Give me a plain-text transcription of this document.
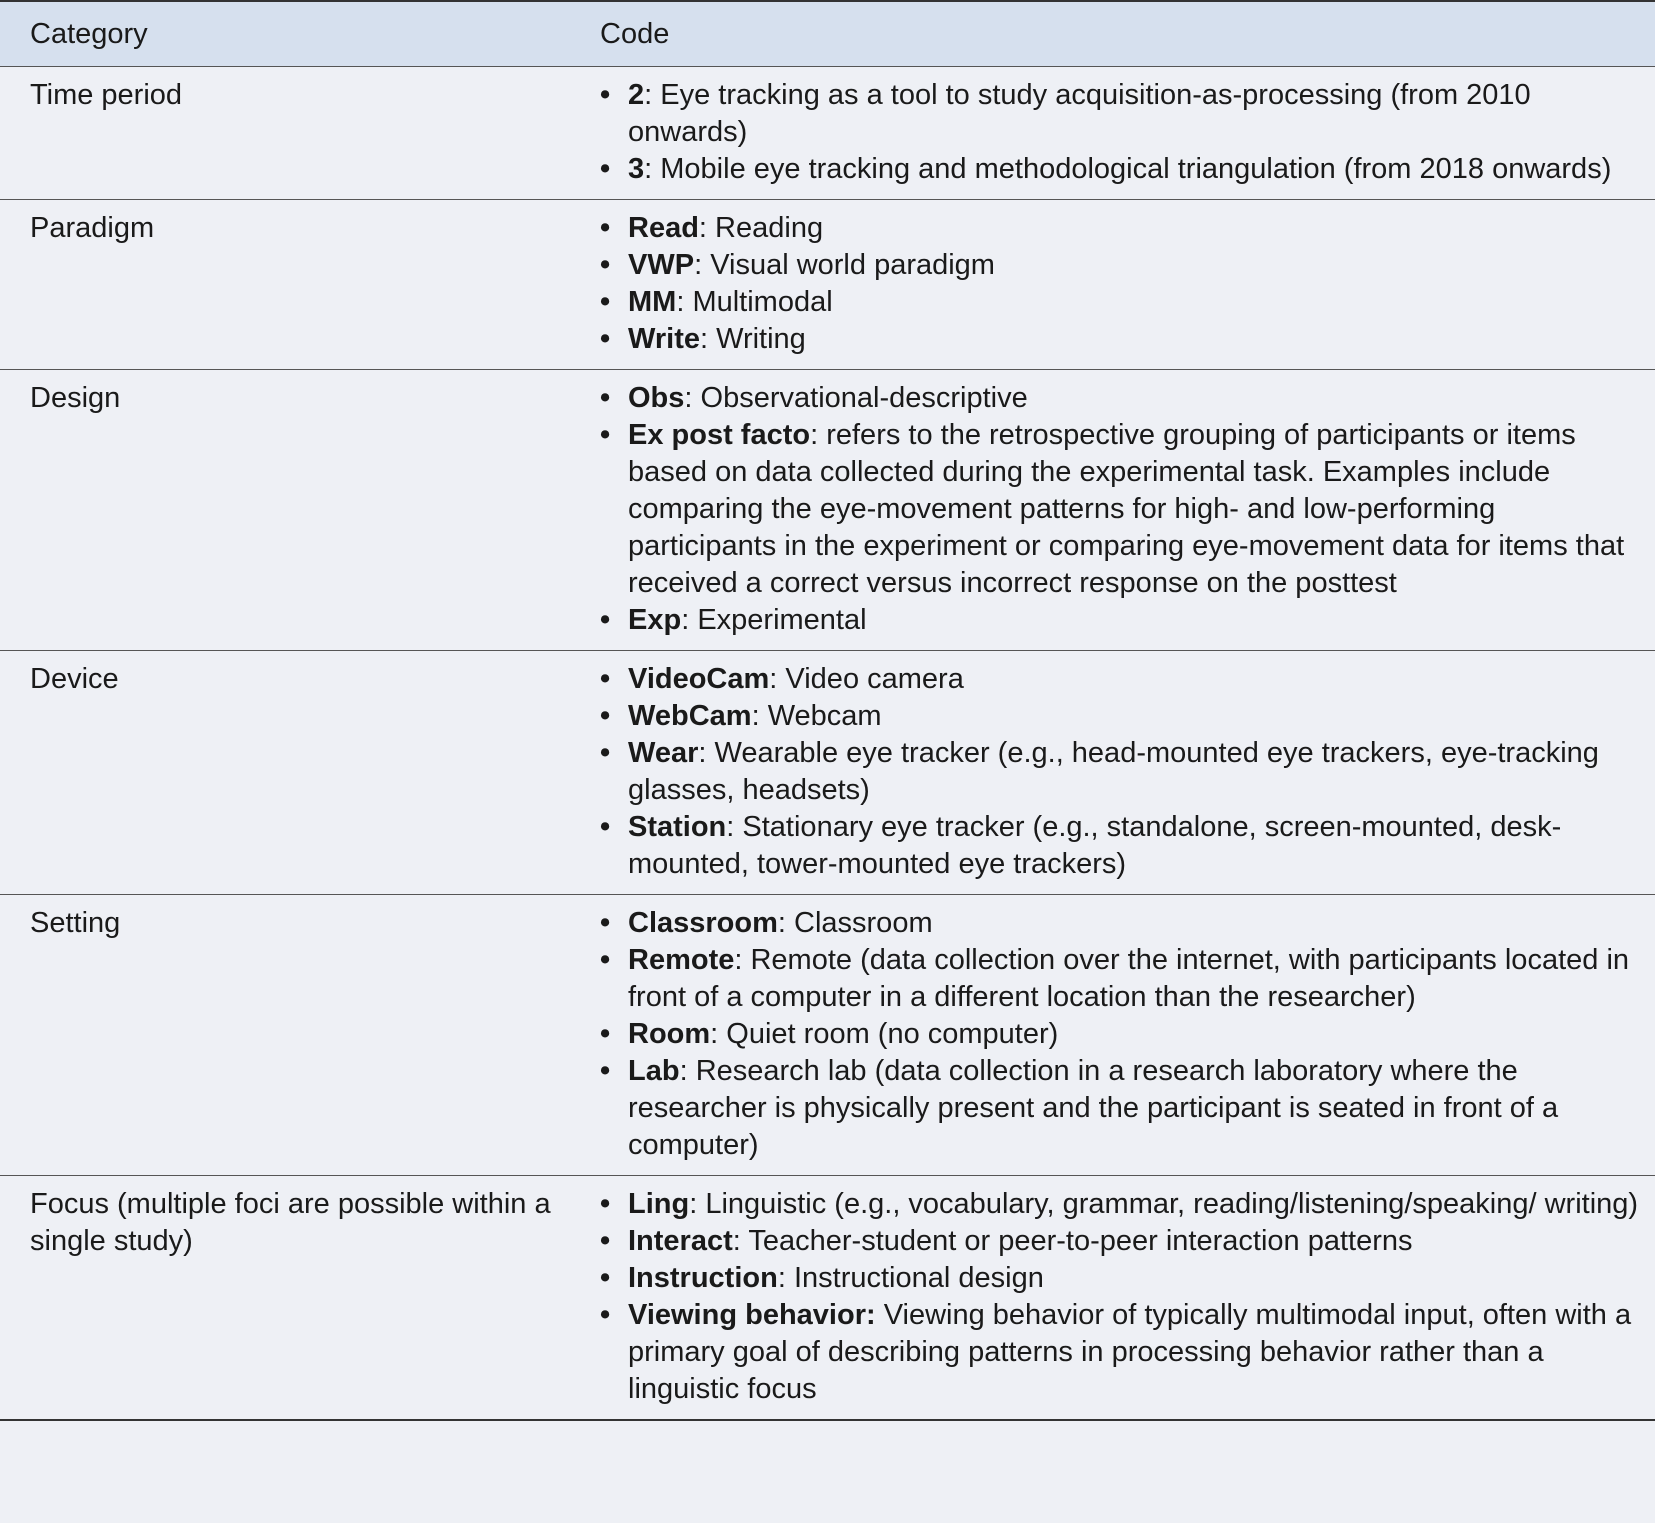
Category	Code
Time period	• 2: Eye tracking as a tool to study acquisition-as-processing (from 2010 onwards)
• 3: Mobile eye tracking and methodological triangulation (from 2018 onwards)
Paradigm	• Read: Reading
• VWP: Visual world paradigm
• MM: Multimodal
• Write: Writing
Design	• Obs: Observational-descriptive
• Ex post facto: refers to the retrospective grouping of participants or items based on data collected during the experimental task. Examples include comparing the eye-movement patterns for high- and low-performing participants in the experiment or comparing eye-movement data for items that received a correct versus incorrect response on the posttest
• Exp: Experimental
Device	• VideoCam: Video camera
• WebCam: Webcam
• Wear: Wearable eye tracker (e.g., head-mounted eye trackers, eye-tracking glasses, headsets)
• Station: Stationary eye tracker (e.g., standalone, screen-mounted, desk-mounted, tower-mounted eye trackers)
Setting	• Classroom: Classroom
• Remote: Remote (data collection over the internet, with participants located in front of a computer in a different location than the researcher)
• Room: Quiet room (no computer)
• Lab: Research lab (data collection in a research laboratory where the researcher is physically present and the participant is seated in front of a computer)
Focus (multiple foci are possible within a single study)
• Ling: Linguistic (e.g., vocabulary, grammar, reading/listening/speaking/ writing)
• Interact: Teacher-student or peer-to-peer interaction patterns
• Instruction: Instructional design
• Viewing behavior: Viewing behavior of typically multimodal input, often with a primary goal of describing patterns in processing behavior rather than a linguistic focus
